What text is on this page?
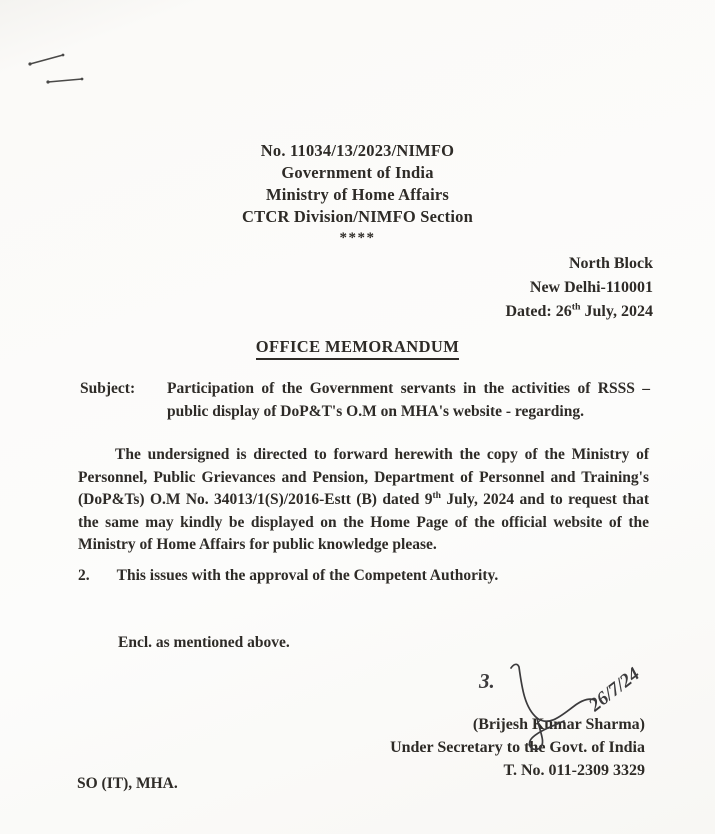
No. 11034/13/2023/NIMFO
Government of India
Ministry of Home Affairs
CTCR Division/NIMFO Section
****
North Block
New Delhi-110001
Dated: 26th July, 2024
OFFICE MEMORANDUM
Subject:	Participation of the Government servants in the activities of RSSS – public display of DoP&T's O.M on MHA's website - regarding.
The undersigned is directed to forward herewith the copy of the Ministry of Personnel, Public Grievances and Pension, Department of Personnel and Training's (DoP&Ts) O.M No. 34013/1(S)/2016-Estt (B) dated 9th July, 2024 and to request that the same may kindly be displayed on the Home Page of the official website of the Ministry of Home Affairs for public knowledge please.
2. This issues with the approval of the Competent Authority.
Encl. as mentioned above.
3.	26/7/24
(Brijesh Kumar Sharma)
Under Secretary to the Govt. of India
T. No. 011-2309 3329
SO (IT), MHA.
